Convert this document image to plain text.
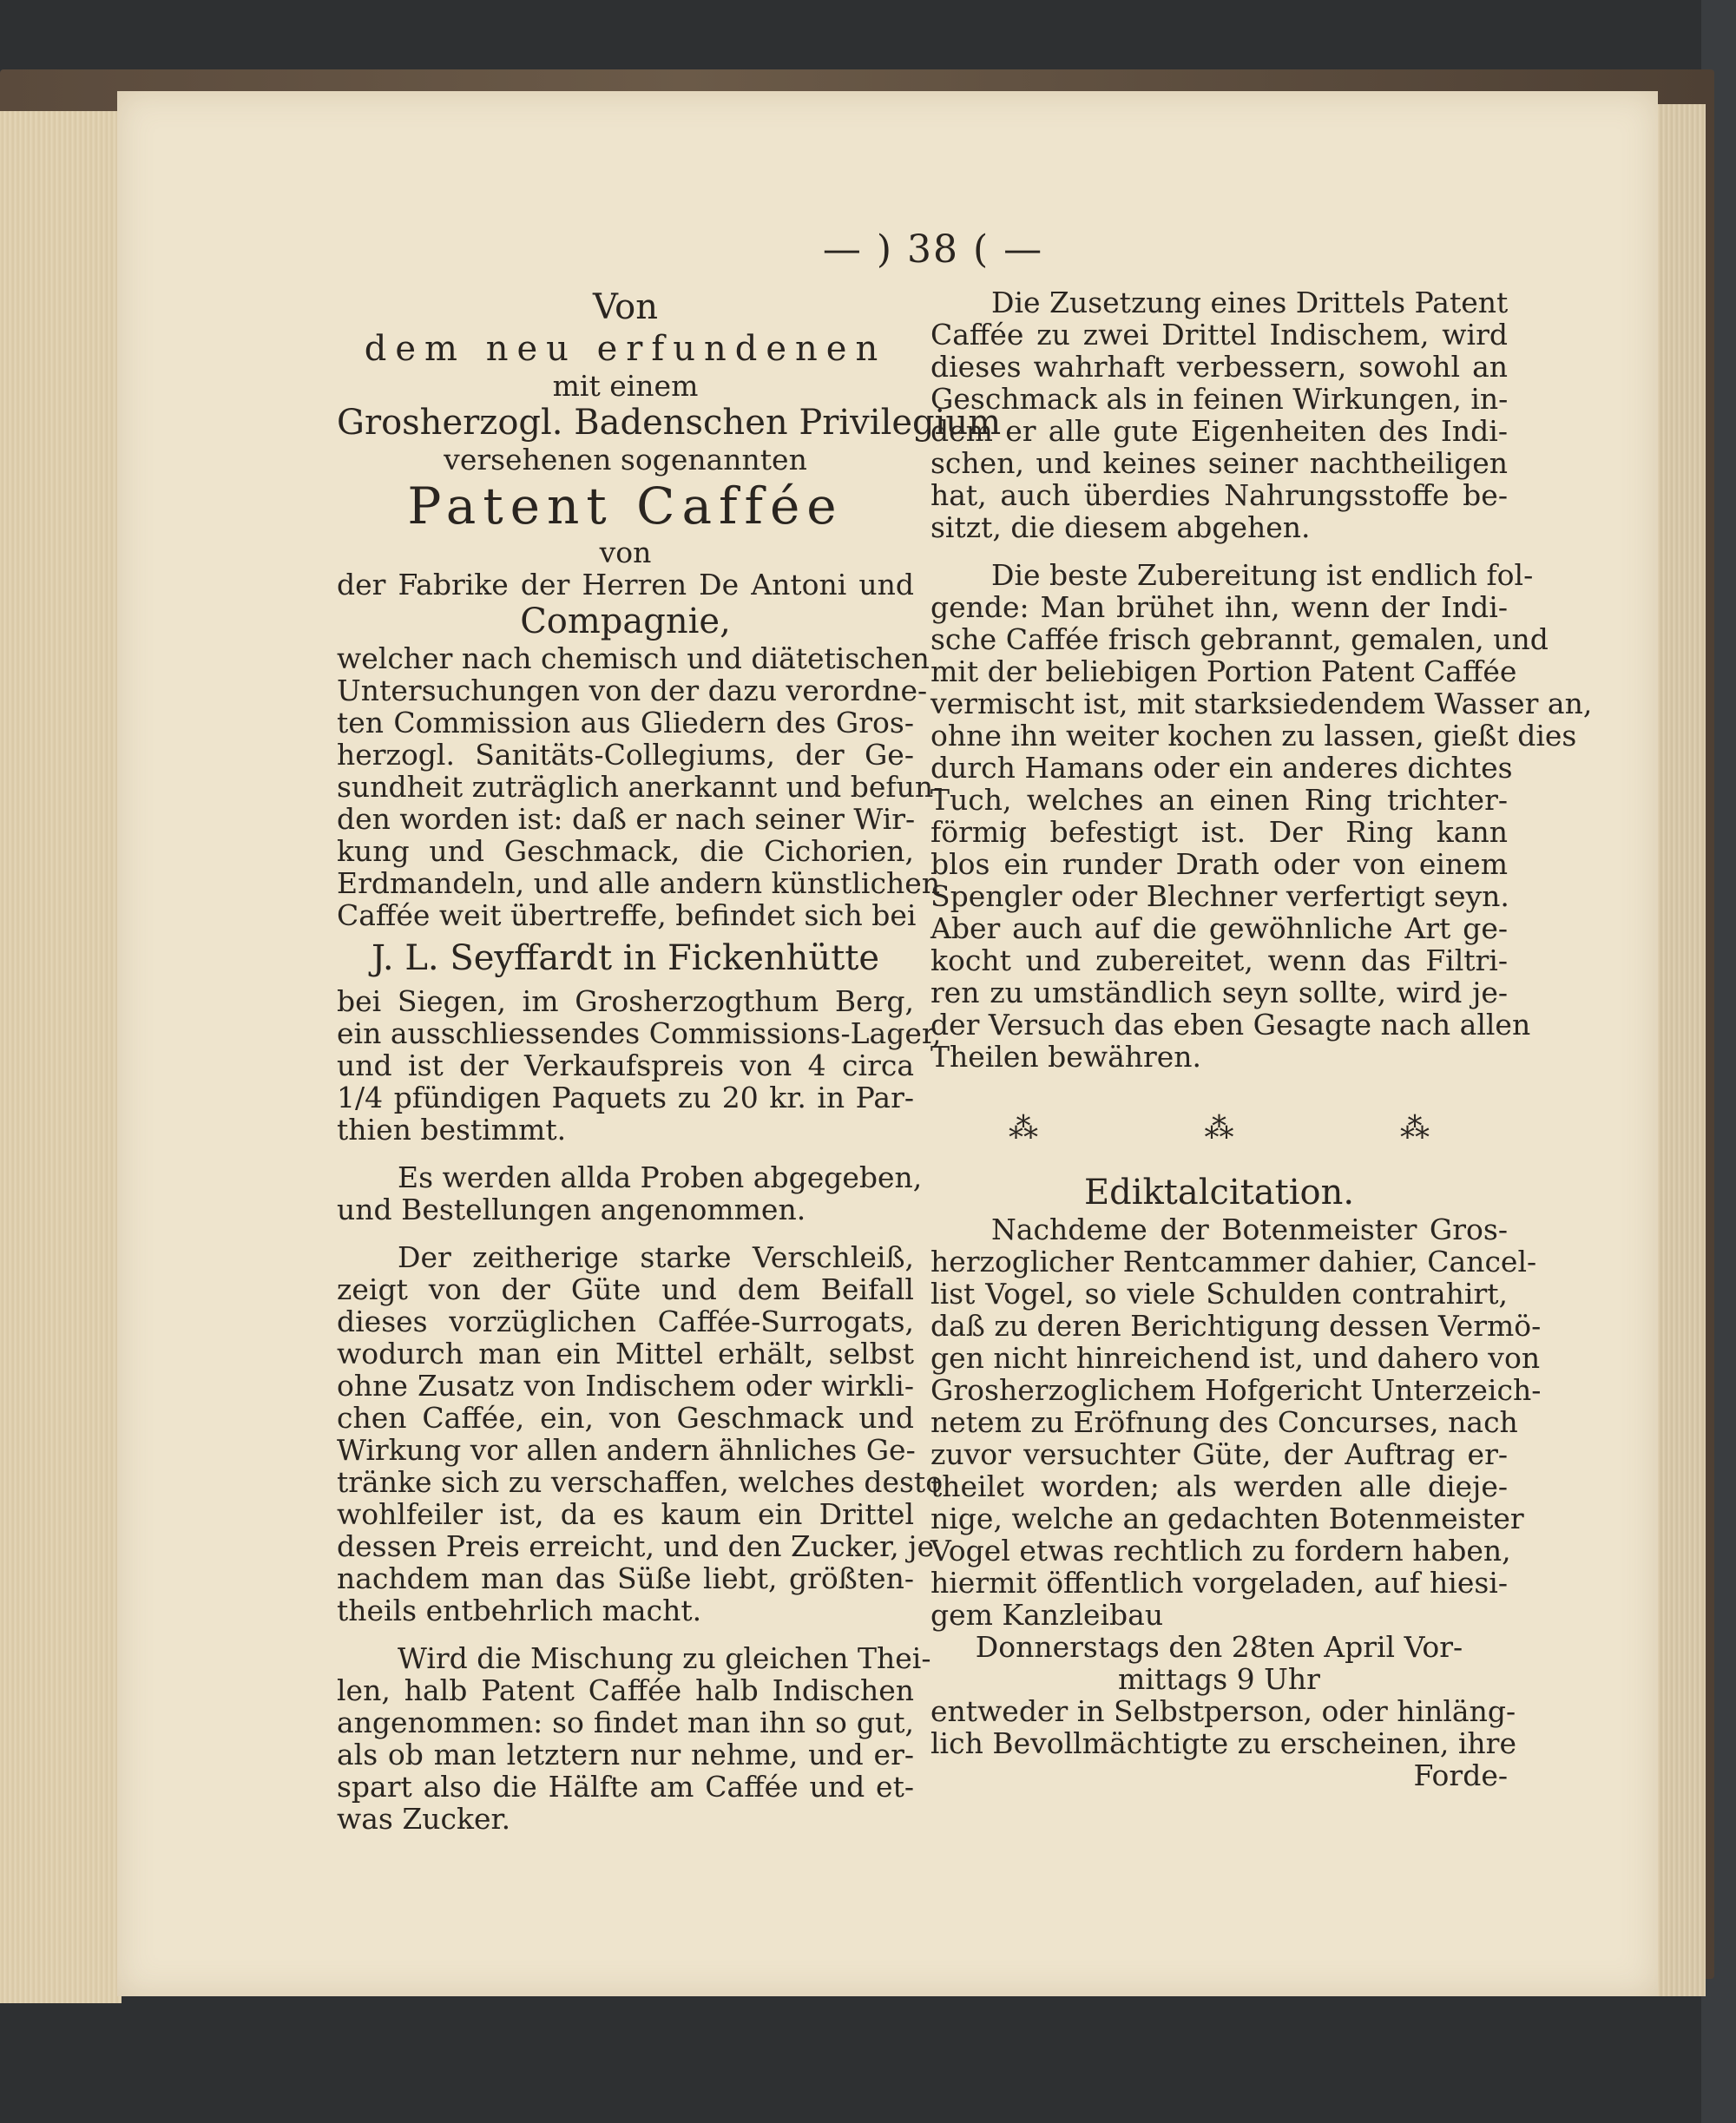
— ) 38 ( —
Von
dem neu erfundenen
mit einem
Grosherzogl. Badenschen Privilegium
versehenen sogenannten
Patent Caffée
von
der Fabrike der Herren De Antoni und
Compagnie,
welcher nach chemisch und diätetischen
Untersuchungen von der dazu verordne-
ten Commission aus Gliedern des Gros-
herzogl. Sanitäts-Collegiums, der Ge-
sundheit zuträglich anerkannt und befun-
den worden ist: daß er nach seiner Wir-
kung und Geschmack, die Cichorien,
Erdmandeln, und alle andern künstlichen
Caffée weit übertreffe, befindet sich bei
J. L. Seyffardt in Fickenhütte
bei Siegen, im Grosherzogthum Berg,
ein ausschliessendes Commissions-Lager,
und ist der Verkaufspreis von 4 circa
1/4 pfündigen Paquets zu 20 kr. in Par-
thien bestimmt.
Es werden allda Proben abgegeben,
und Bestellungen angenommen.
Der zeitherige starke Verschleiß,
zeigt von der Güte und dem Beifall
dieses vorzüglichen Caffée-Surrogats,
wodurch man ein Mittel erhält, selbst
ohne Zusatz von Indischem oder wirkli-
chen Caffée, ein, von Geschmack und
Wirkung vor allen andern ähnliches Ge-
tränke sich zu verschaffen, welches desto
wohlfeiler ist, da es kaum ein Drittel
dessen Preis erreicht, und den Zucker, je
nachdem man das Süße liebt, größten-
theils entbehrlich macht.
Wird die Mischung zu gleichen Thei-
len, halb Patent Caffée halb Indischen
angenommen: so findet man ihn so gut,
als ob man letztern nur nehme, und er-
spart also die Hälfte am Caffée und et-
was Zucker.
Die Zusetzung eines Drittels Patent
Caffée zu zwei Drittel Indischem, wird
dieses wahrhaft verbessern, sowohl an
Geschmack als in feinen Wirkungen, in-
dem er alle gute Eigenheiten des Indi-
schen, und keines seiner nachtheiligen
hat, auch überdies Nahrungsstoffe be-
sitzt, die diesem abgehen.
Die beste Zubereitung ist endlich fol-
gende: Man brühet ihn, wenn der Indi-
sche Caffée frisch gebrannt, gemalen, und
mit der beliebigen Portion Patent Caffée
vermischt ist, mit starksiedendem Wasser an,
ohne ihn weiter kochen zu lassen, gießt dies
durch Hamans oder ein anderes dichtes
Tuch, welches an einen Ring trichter-
förmig befestigt ist. Der Ring kann
blos ein runder Drath oder von einem
Spengler oder Blechner verfertigt seyn.
Aber auch auf die gewöhnliche Art ge-
kocht und zubereitet, wenn das Filtri-
ren zu umständlich seyn sollte, wird je-
der Versuch das eben Gesagte nach allen
Theilen bewähren.
⁂	⁂	⁂
Ediktalcitation.
Nachdeme der Botenmeister Gros-
herzoglicher Rentcammer dahier, Cancel-
list Vogel, so viele Schulden contrahirt,
daß zu deren Berichtigung dessen Vermö-
gen nicht hinreichend ist, und dahero von
Grosherzoglichem Hofgericht Unterzeich-
netem zu Eröfnung des Concurses, nach
zuvor versuchter Güte, der Auftrag er-
theilet worden; als werden alle dieje-
nige, welche an gedachten Botenmeister
Vogel etwas rechtlich zu fordern haben,
hiermit öffentlich vorgeladen, auf hiesi-
gem Kanzleibau
Donnerstags den 28ten April Vor-
mittags 9 Uhr
entweder in Selbstperson, oder hinläng-
lich Bevollmächtigte zu erscheinen, ihre
Forde-
